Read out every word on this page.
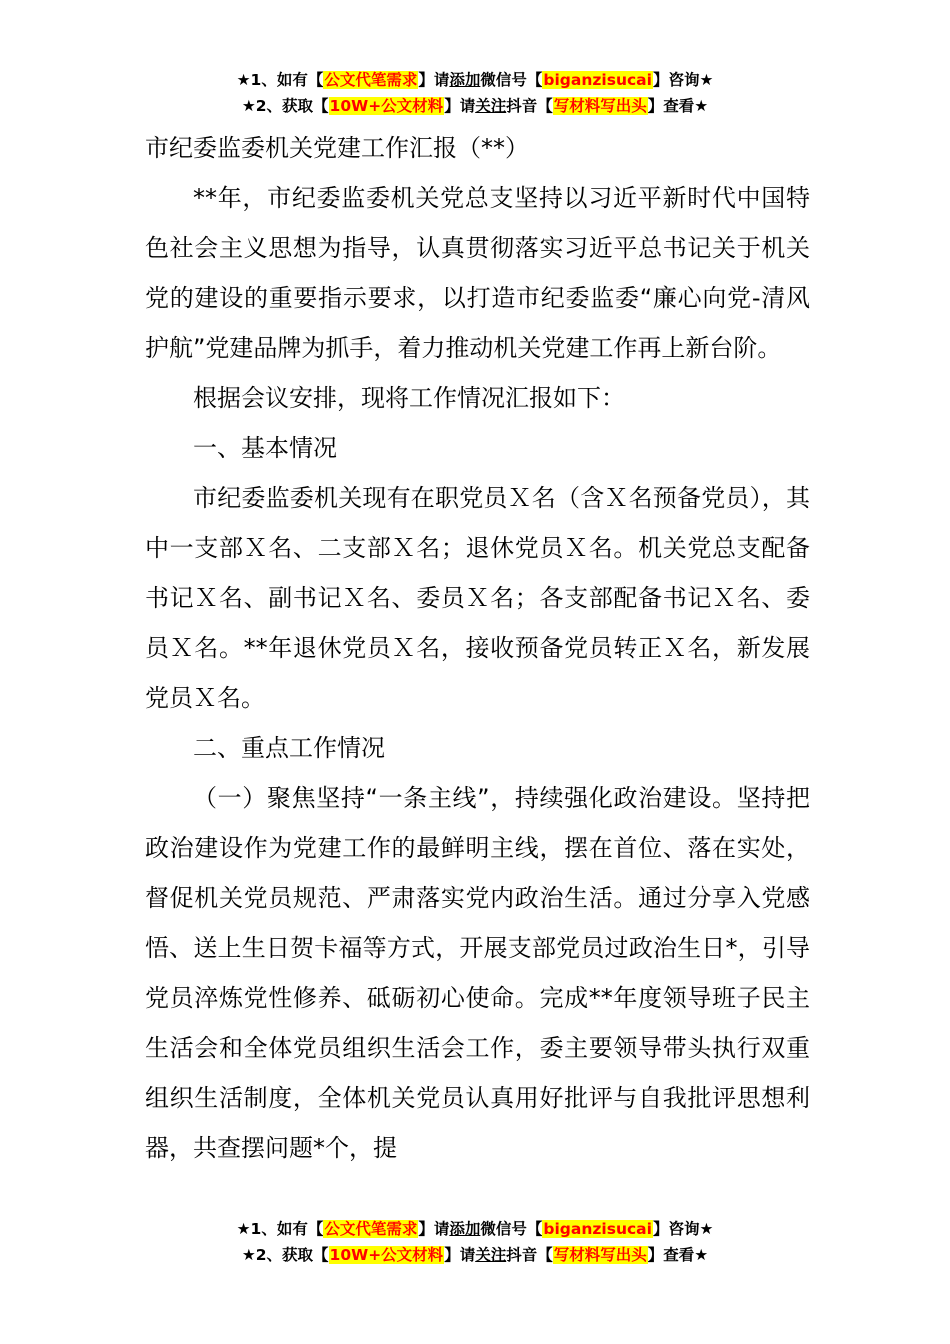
★1、如有【公文代笔需求】请添加微信号【biganzisucai】咨询★
★2、获取【10W+公文材料】请关注抖音【写材料写出头】查看★

市纪委监委机关党建工作汇报（**）

**年，市纪委监委机关党总支坚持以习近平新时代中国特色社会主义思想为指导，认真贯彻落实习近平总书记关于机关党的建设的重要指示要求，以打造市纪委监委“廉心向党-清风护航”党建品牌为抓手，着力推动机关党建工作再上新台阶。

根据会议安排，现将工作情况汇报如下：

一、基本情况

市纪委监委机关现有在职党员Ｘ名（含Ｘ名预备党员），其中一支部Ｘ名、二支部Ｘ名；退休党员Ｘ名。机关党总支配备书记Ｘ名、副书记Ｘ名、委员Ｘ名；各支部配备书记Ｘ名、委员Ｘ名。**年退休党员Ｘ名，接收预备党员转正Ｘ名，新发展党员Ｘ名。

二、重点工作情况

（一）聚焦坚持“一条主线”，持续强化政治建设。坚持把政治建设作为党建工作的最鲜明主线，摆在首位、落在实处，督促机关党员规范、严肃落实党内政治生活。通过分享入党感悟、送上生日贺卡福等方式，开展支部党员过政治生日*，引导党员淬炼党性修养、砥砺初心使命。完成**年度领导班子民主生活会和全体党员组织生活会工作，委主要领导带头执行双重组织生活制度，全体机关党员认真用好批评与自我批评思想利器，共查摆问题*个，提

★1、如有【公文代笔需求】请添加微信号【biganzisucai】咨询★
★2、获取【10W+公文材料】请关注抖音【写材料写出头】查看★
